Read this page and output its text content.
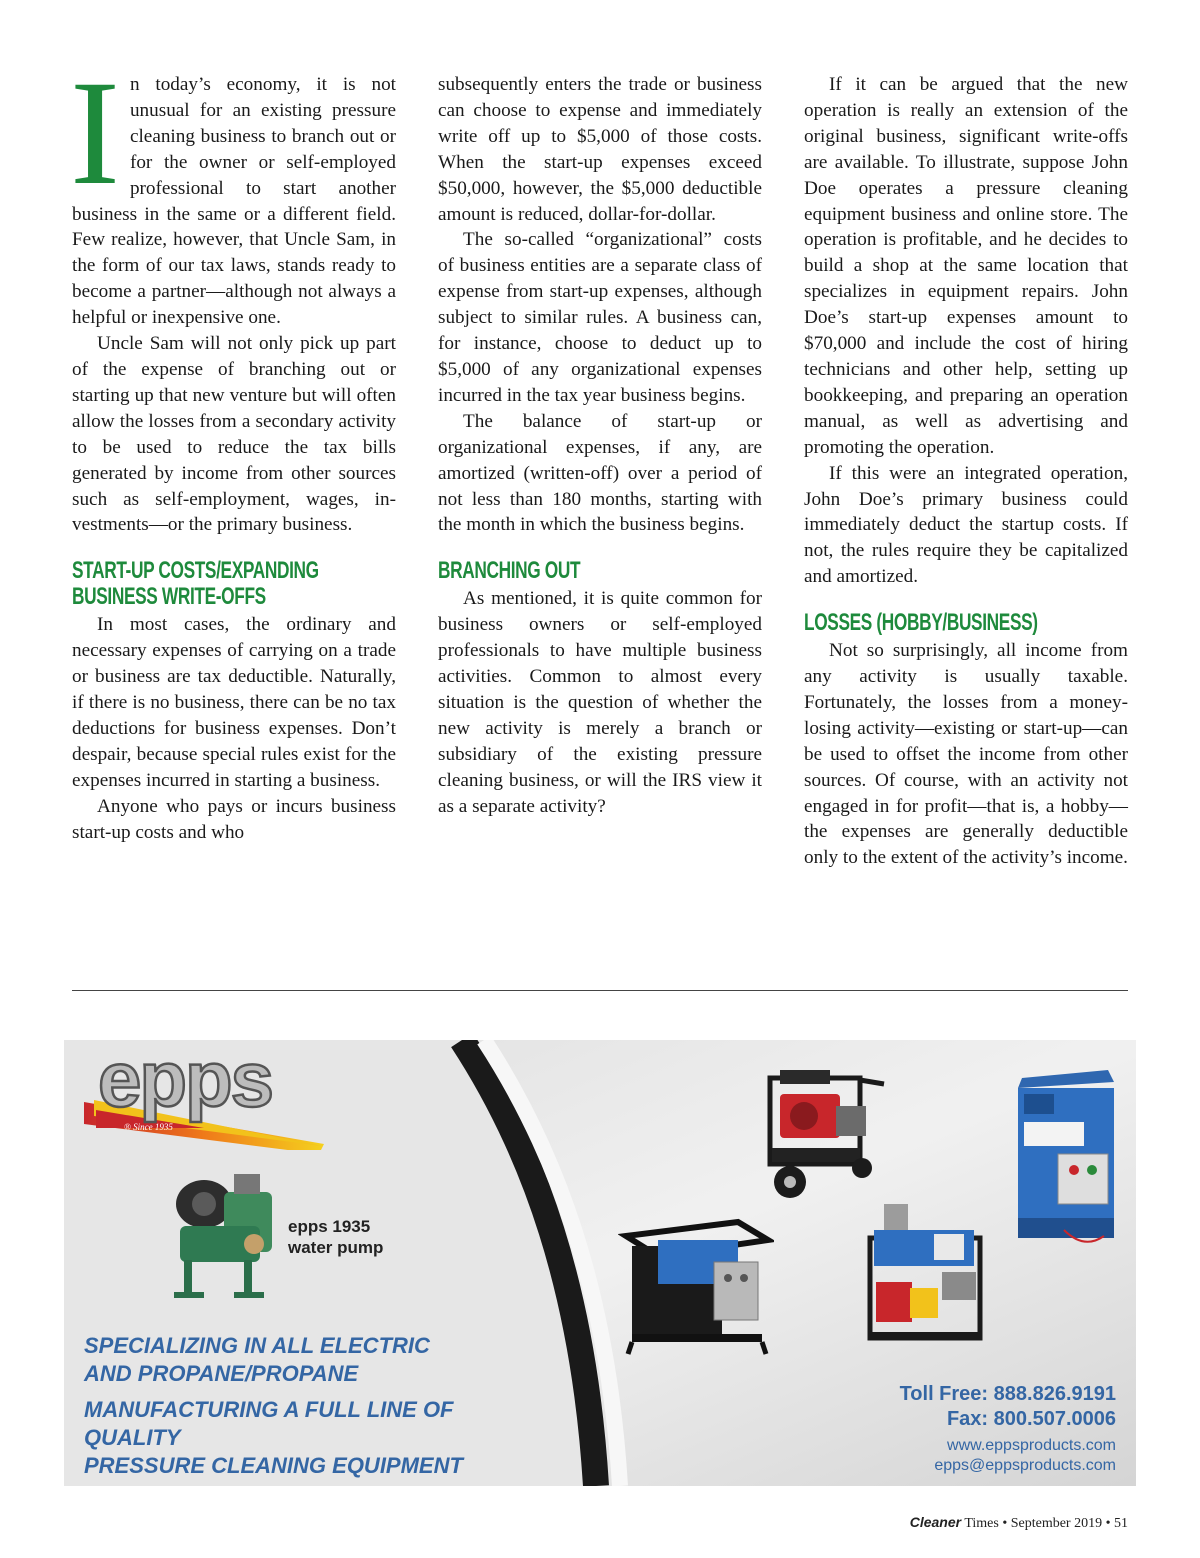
In today’s economy, it is not unusual for an existing pressure cleaning business to branch out or for the owner or self-employed professional to start another business in the same or a different field. Few realize, however, that Uncle Sam, in the form of our tax laws, stands ready to become a partner—although not always a helpful or inexpensive one.

Uncle Sam will not only pick up part of the expense of branching out or starting up that new venture but will often allow the losses from a secondary activity to be used to reduce the tax bills generated by income from other sources such as self-employment, wages, investments—or the primary business.

START-UP COSTS/EXPANDING BUSINESS WRITE-OFFS

In most cases, the ordinary and necessary expenses of carrying on a trade or business are tax deductible. Naturally, if there is no business, there can be no tax deductions for business expenses. Don’t despair, because special rules exist for the expenses incurred in starting a business.

Anyone who pays or incurs business start-up costs and who

subsequently enters the trade or business can choose to expense and immediately write off up to $5,000 of those costs. When the start-up expenses exceed $50,000, however, the $5,000 deductible amount is reduced, dollar-for-dollar.

The so-called “organizational” costs of business entities are a separate class of expense from start-up expenses, although subject to similar rules. A business can, for instance, choose to deduct up to $5,000 of any organizational expenses incurred in the tax year business begins.

The balance of start-up or organizational expenses, if any, are amortized (written-off) over a period of not less than 180 months, starting with the month in which the business begins.

BRANCHING OUT

As mentioned, it is quite common for business owners or self-employed professionals to have multiple business activities. Common to almost every situation is the question of whether the new activity is merely a branch or subsidiary of the existing pressure cleaning business, or will the IRS view it as a separate activity?

If it can be argued that the new operation is really an extension of the original business, significant write-offs are available. To illustrate, suppose John Doe operates a pressure cleaning equipment business and online store. The operation is profitable, and he decides to build a shop at the same location that specializes in equipment repairs. John Doe’s start-up expenses amount to $70,000 and include the cost of hiring technicians and other help, setting up bookkeeping, and preparing an operation manual, as well as advertising and promoting the operation.

If this were an integrated operation, John Doe’s primary business could immediately deduct the startup costs. If not, the rules require they be capitalized and amortized.

LOSSES (HOBBY/BUSINESS)

Not so surprisingly, all income from any activity is usually taxable. Fortunately, the losses from a money-losing activity—existing or start-up—can be used to offset the income from other sources. Of course, with an activity not engaged in for profit—that is, a hobby—the expenses are generally deductible only to the extent of the activity’s income.

epps
® Since 1935
epps 1935
water pump
SPECIALIZING IN ALL ELECTRIC
AND PROPANE/PROPANE
MANUFACTURING A FULL LINE OF QUALITY
PRESSURE CLEANING EQUIPMENT
Toll Free: 888.826.9191
Fax: 800.507.0006
www.eppsproducts.com
epps@eppsproducts.com
Cleaner Times • September 2019 • 51
